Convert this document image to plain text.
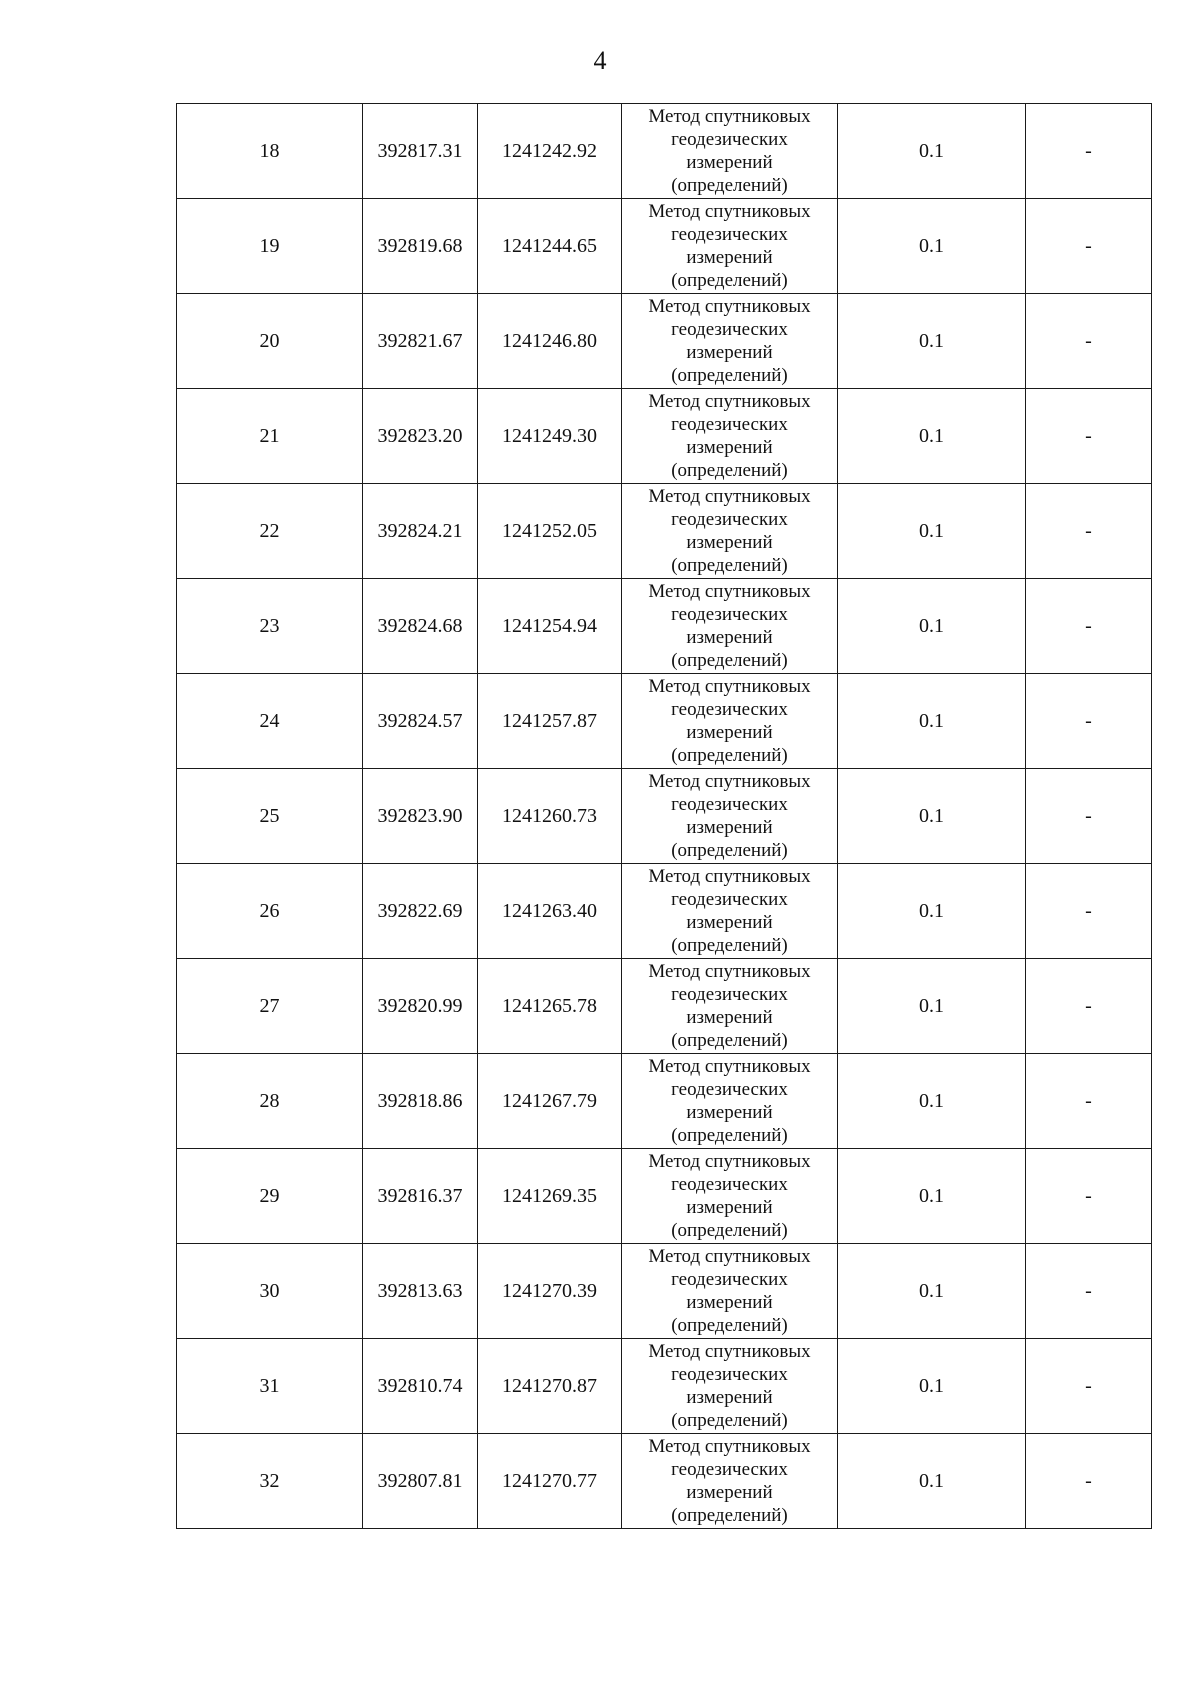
4
18	392817.31	1241242.92	Метод спутниковых
геодезических
измерений
(определений)	0.1	-
19	392819.68	1241244.65	Метод спутниковых
геодезических
измерений
(определений)	0.1	-
20	392821.67	1241246.80	Метод спутниковых
геодезических
измерений
(определений)	0.1	-
21	392823.20	1241249.30	Метод спутниковых
геодезических
измерений
(определений)	0.1	-
22	392824.21	1241252.05	Метод спутниковых
геодезических
измерений
(определений)	0.1	-
23	392824.68	1241254.94	Метод спутниковых
геодезических
измерений
(определений)	0.1	-
24	392824.57	1241257.87	Метод спутниковых
геодезических
измерений
(определений)	0.1	-
25	392823.90	1241260.73	Метод спутниковых
геодезических
измерений
(определений)	0.1	-
26	392822.69	1241263.40	Метод спутниковых
геодезических
измерений
(определений)	0.1	-
27	392820.99	1241265.78	Метод спутниковых
геодезических
измерений
(определений)	0.1	-
28	392818.86	1241267.79	Метод спутниковых
геодезических
измерений
(определений)	0.1	-
29	392816.37	1241269.35	Метод спутниковых
геодезических
измерений
(определений)	0.1	-
30	392813.63	1241270.39	Метод спутниковых
геодезических
измерений
(определений)	0.1	-
31	392810.74	1241270.87	Метод спутниковых
геодезических
измерений
(определений)	0.1	-
32	392807.81	1241270.77	Метод спутниковых
геодезических
измерений
(определений)	0.1	-
